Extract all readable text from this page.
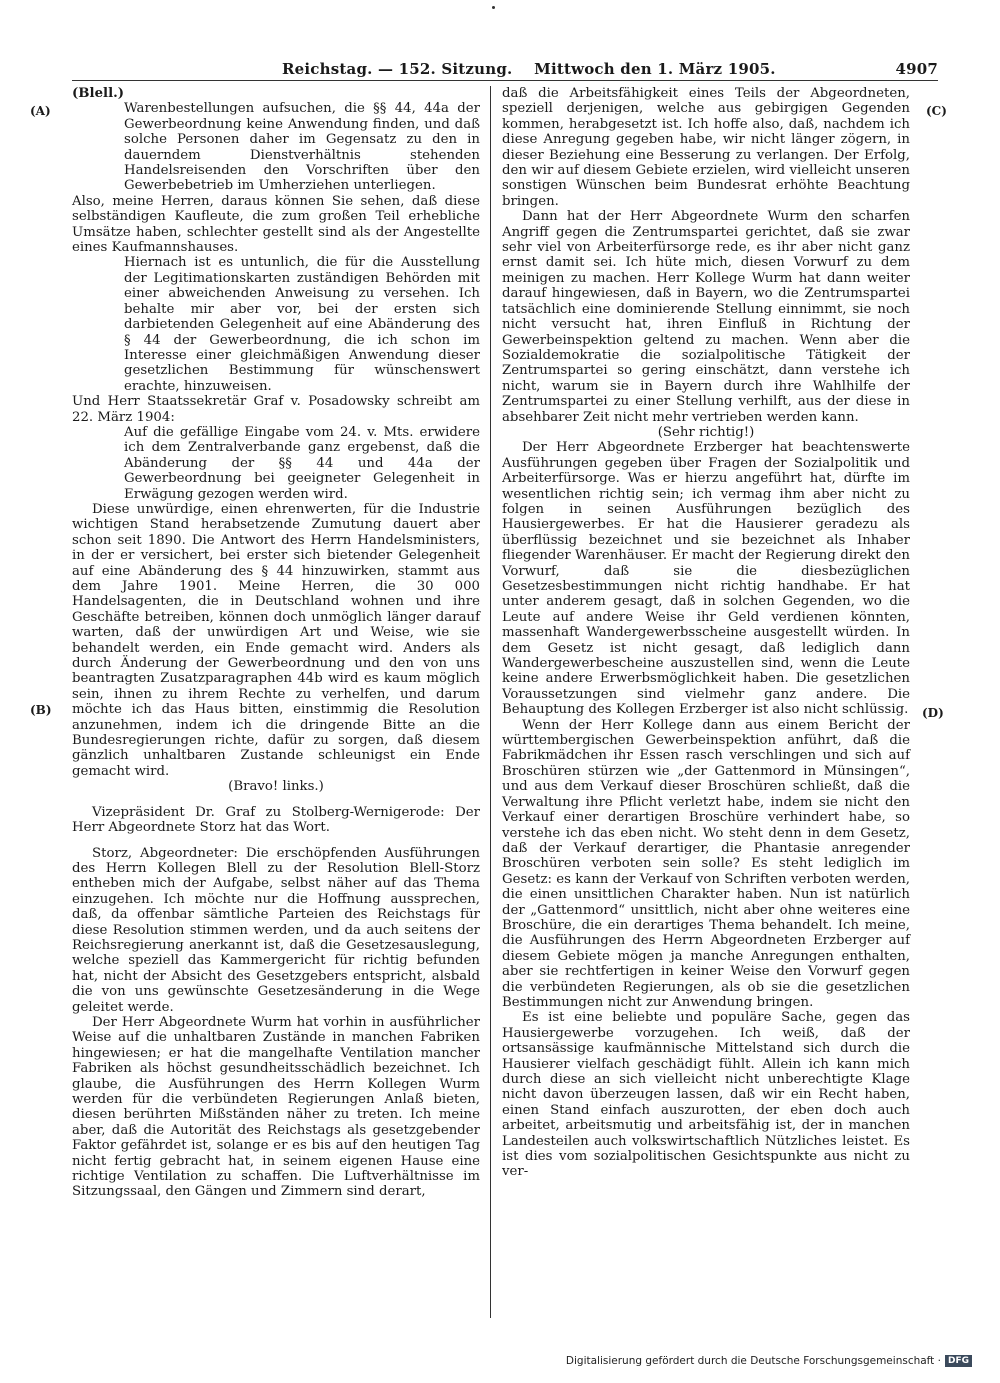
Reichstag. — 152. Sitzung. Mittwoch den 1. März 1905.	4907
(A)
(B)
(C)
(D)

(Blell.)

Warenbestellungen aufsuchen, die §§ 44, 44a der Gewerbeordnung keine Anwendung finden, und daß solche Personen daher im Gegensatz zu den in dauerndem Dienstverhältnis stehenden Handelsreisenden den Vorschriften über den Gewerbebetrieb im Umherziehen unterliegen.

Also, meine Herren, daraus können Sie sehen, daß diese selbständigen Kaufleute, die zum großen Teil erhebliche Umsätze haben, schlechter gestellt sind als der Angestellte eines Kaufmannshauses.

Hiernach ist es untunlich, die für die Ausstellung der Legitimationskarten zuständigen Behörden mit einer abweichenden Anweisung zu versehen. Ich behalte mir aber vor, bei der ersten sich darbietenden Gelegenheit auf eine Abänderung des § 44 der Gewerbeordnung, die ich schon im Interesse einer gleichmäßigen Anwendung dieser gesetzlichen Bestimmung für wünschenswert erachte, hinzuweisen.

Und Herr Staatssekretär Graf v. Posadowsky schreibt am 22. März 1904:

Auf die gefällige Eingabe vom 24. v. Mts. erwidere ich dem Zentralverbande ganz ergebenst, daß die Abänderung der §§ 44 und 44a der Gewerbeordnung bei geeigneter Gelegenheit in Erwägung gezogen werden wird.

Diese unwürdige, einen ehrenwerten, für die Industrie wichtigen Stand herabsetzende Zumutung dauert aber schon seit 1890. Die Antwort des Herrn Handelsministers, in der er versichert, bei erster sich bietender Gelegenheit auf eine Abänderung des § 44 hinzuwirken, stammt aus dem Jahre 1901. Meine Herren, die 30 000 Handelsagenten, die in Deutschland wohnen und ihre Geschäfte betreiben, können doch unmöglich länger darauf warten, daß der unwürdigen Art und Weise, wie sie behandelt werden, ein Ende gemacht wird. Anders als durch Änderung der Gewerbeordnung und den von uns beantragten Zusatzparagraphen 44b wird es kaum möglich sein, ihnen zu ihrem Rechte zu verhelfen, und darum möchte ich das Haus bitten, einstimmig die Resolution anzunehmen, indem ich die dringende Bitte an die Bundesregierungen richte, dafür zu sorgen, daß diesem gänzlich unhaltbaren Zustande schleunigst ein Ende gemacht wird.

(Bravo! links.)

Vizepräsident Dr. Graf zu Stolberg-Wernigerode: Der Herr Abgeordnete Storz hat das Wort.

Storz, Abgeordneter: Die erschöpfenden Ausführungen des Herrn Kollegen Blell zu der Resolution Blell-Storz entheben mich der Aufgabe, selbst näher auf das Thema einzugehen. Ich möchte nur die Hoffnung aussprechen, daß, da offenbar sämtliche Parteien des Reichstags für diese Resolution stimmen werden, und da auch seitens der Reichsregierung anerkannt ist, daß die Gesetzesauslegung, welche speziell das Kammergericht für richtig befunden hat, nicht der Absicht des Gesetzgebers entspricht, alsbald die von uns gewünschte Gesetzesänderung in die Wege geleitet werde.

Der Herr Abgeordnete Wurm hat vorhin in ausführlicher Weise auf die unhaltbaren Zustände in manchen Fabriken hingewiesen; er hat die mangelhafte Ventilation mancher Fabriken als höchst gesundheitsschädlich bezeichnet. Ich glaube, die Ausführungen des Herrn Kollegen Wurm werden für die verbündeten Regierungen Anlaß bieten, diesen berührten Mißständen näher zu treten. Ich meine aber, daß die Autorität des Reichstags als gesetzgebender Faktor gefährdet ist, solange er es bis auf den heutigen Tag nicht fertig gebracht hat, in seinem eigenen Hause eine richtige Ventilation zu schaffen. Die Luftverhältnisse im Sitzungssaal, den Gängen und Zimmern sind derart,

daß die Arbeitsfähigkeit eines Teils der Abgeordneten, speziell derjenigen, welche aus gebirgigen Gegenden kommen, herabgesetzt ist. Ich hoffe also, daß, nachdem ich diese Anregung gegeben habe, wir nicht länger zögern, in dieser Beziehung eine Besserung zu verlangen. Der Erfolg, den wir auf diesem Gebiete erzielen, wird vielleicht unseren sonstigen Wünschen beim Bundesrat erhöhte Beachtung bringen.

Dann hat der Herr Abgeordnete Wurm den scharfen Angriff gegen die Zentrumspartei gerichtet, daß sie zwar sehr viel von Arbeiterfürsorge rede, es ihr aber nicht ganz ernst damit sei. Ich hüte mich, diesen Vorwurf zu dem meinigen zu machen. Herr Kollege Wurm hat dann weiter darauf hingewiesen, daß in Bayern, wo die Zentrumspartei tatsächlich eine dominierende Stellung einnimmt, sie noch nicht versucht hat, ihren Einfluß in Richtung der Gewerbeinspektion geltend zu machen. Wenn aber die Sozialdemokratie die sozialpolitische Tätigkeit der Zentrumspartei so gering einschätzt, dann verstehe ich nicht, warum sie in Bayern durch ihre Wahlhilfe der Zentrumspartei zu einer Stellung verhilft, aus der diese in absehbarer Zeit nicht mehr vertrieben werden kann.

(Sehr richtig!)

Der Herr Abgeordnete Erzberger hat beachtenswerte Ausführungen gegeben über Fragen der Sozialpolitik und Arbeiterfürsorge. Was er hierzu angeführt hat, dürfte im wesentlichen richtig sein; ich vermag ihm aber nicht zu folgen in seinen Ausführungen bezüglich des Hausiergewerbes. Er hat die Hausierer geradezu als überflüssig bezeichnet und sie bezeichnet als Inhaber fliegender Warenhäuser. Er macht der Regierung direkt den Vorwurf, daß sie die diesbezüglichen Gesetzesbestimmungen nicht richtig handhabe. Er hat unter anderem gesagt, daß in solchen Gegenden, wo die Leute auf andere Weise ihr Geld verdienen könnten, massenhaft Wandergewerbsscheine ausgestellt würden. In dem Gesetz ist nicht gesagt, daß lediglich dann Wandergewerbescheine auszustellen sind, wenn die Leute keine andere Erwerbsmöglichkeit haben. Die gesetzlichen Voraussetzungen sind vielmehr ganz andere. Die Behauptung des Kollegen Erzberger ist also nicht schlüssig.

Wenn der Herr Kollege dann aus einem Bericht der württembergischen Gewerbeinspektion anführt, daß die Fabrikmädchen ihr Essen rasch verschlingen und sich auf Broschüren stürzen wie „der Gattenmord in Münsingen“, und aus dem Verkauf dieser Broschüren schließt, daß die Verwaltung ihre Pflicht verletzt habe, indem sie nicht den Verkauf einer derartigen Broschüre verhindert habe, so verstehe ich das eben nicht. Wo steht denn in dem Gesetz, daß der Verkauf derartiger, die Phantasie anregender Broschüren verboten sein solle? Es steht lediglich im Gesetz: es kann der Verkauf von Schriften verboten werden, die einen unsittlichen Charakter haben. Nun ist natürlich der „Gattenmord“ unsittlich, nicht aber ohne weiteres eine Broschüre, die ein derartiges Thema behandelt. Ich meine, die Ausführungen des Herrn Abgeordneten Erzberger auf diesem Gebiete mögen ja manche Anregungen enthalten, aber sie rechtfertigen in keiner Weise den Vorwurf gegen die verbündeten Regierungen, als ob sie die gesetzlichen Bestimmungen nicht zur Anwendung bringen.

Es ist eine beliebte und populäre Sache, gegen das Hausiergewerbe vorzugehen. Ich weiß, daß der ortsansässige kaufmännische Mittelstand sich durch die Hausierer vielfach geschädigt fühlt. Allein ich kann mich durch diese an sich vielleicht nicht unberechtigte Klage nicht davon überzeugen lassen, daß wir ein Recht haben, einen Stand einfach auszurotten, der eben doch auch arbeitet, arbeitsmutig und arbeitsfähig ist, der in manchen Landesteilen auch volkswirtschaftlich Nützliches leistet. Es ist dies vom sozialpolitischen Gesichtspunkte aus nicht zu ver-

Digitalisierung gefördert durch die Deutsche Forschungsgemeinschaft · DFG
